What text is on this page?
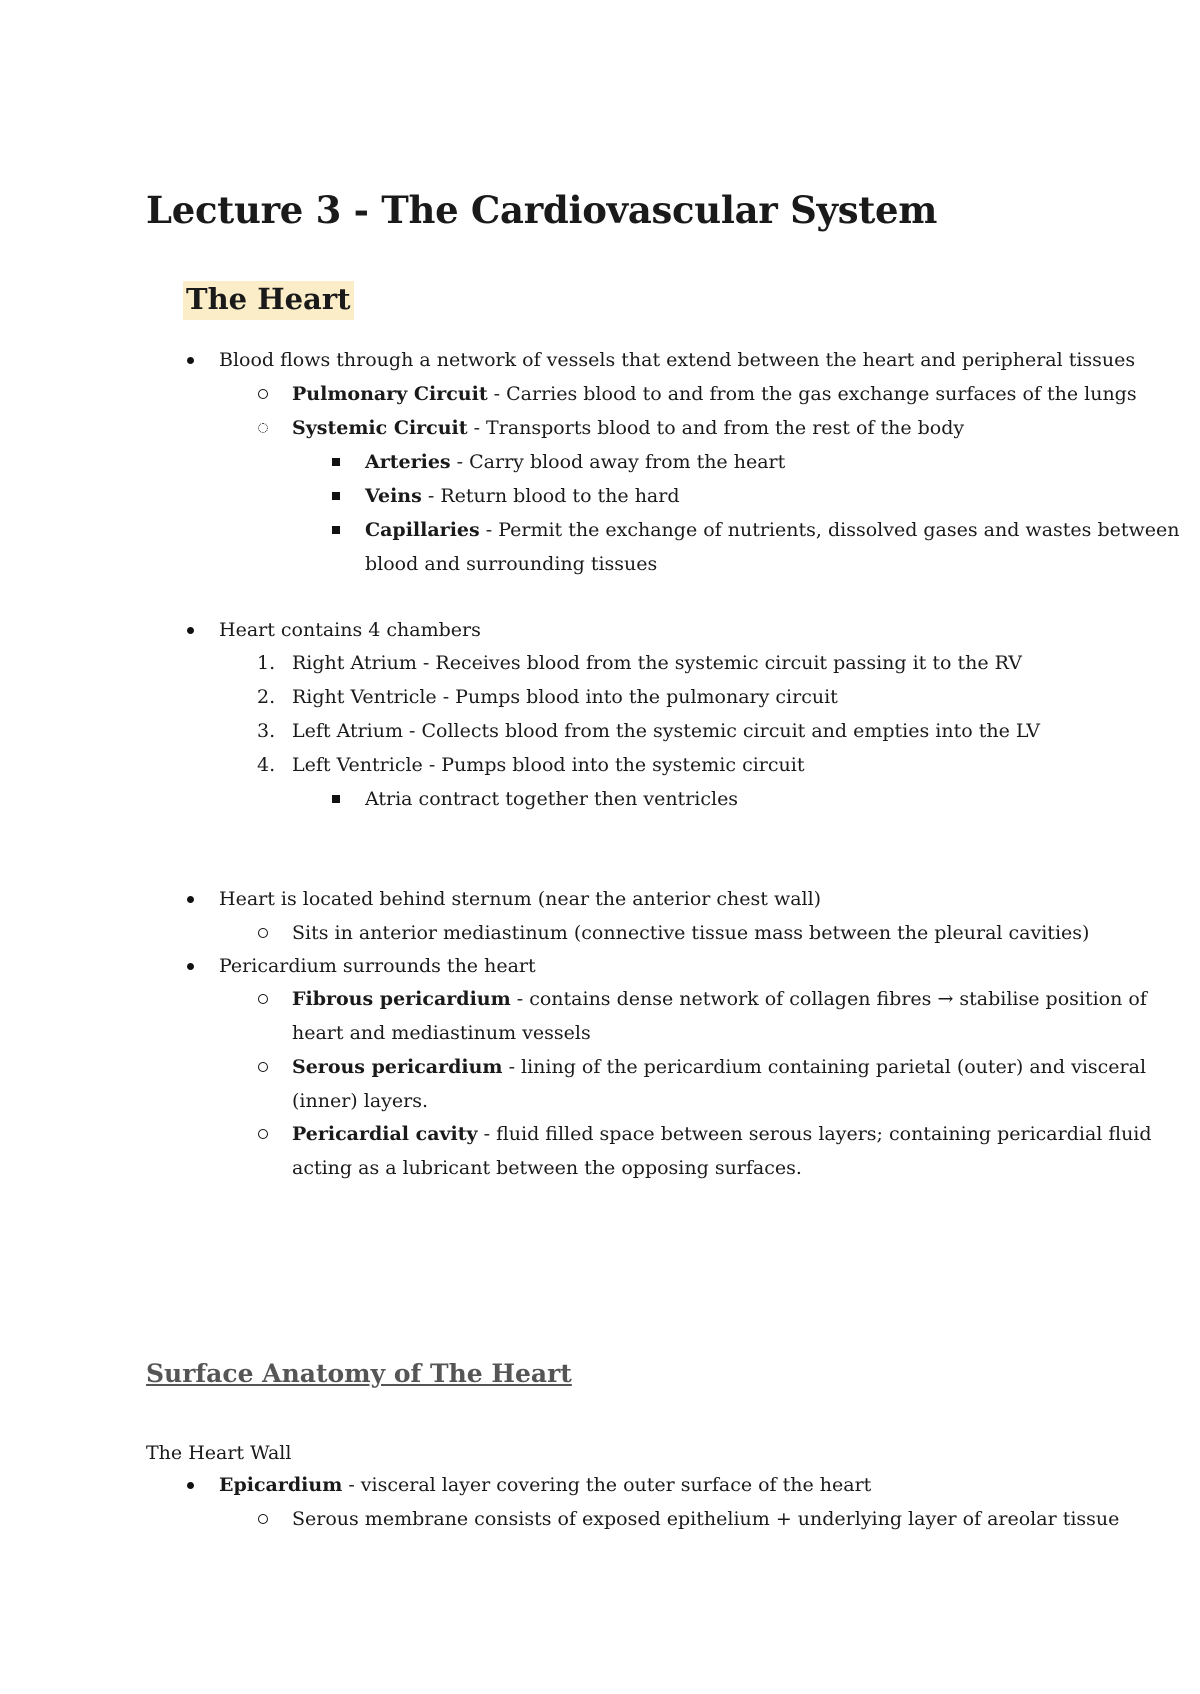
Lecture 3 - The Cardiovascular System
The Heart
Blood flows through a network of vessels that extend between the heart and peripheral tissues
Pulmonary Circuit - Carries blood to and from the gas exchange surfaces of the lungs
Systemic Circuit - Transports blood to and from the rest of the body
Arteries - Carry blood away from the heart
Veins - Return blood to the hard
Capillaries - Permit the exchange of nutrients, dissolved gases and wastes between
blood and surrounding tissues
Heart contains 4 chambers
1. Right Atrium - Receives blood from the systemic circuit passing it to the RV
2. Right Ventricle - Pumps blood into the pulmonary circuit
3. Left Atrium - Collects blood from the systemic circuit and empties into the LV
4. Left Ventricle - Pumps blood into the systemic circuit
Atria contract together then ventricles
Heart is located behind sternum (near the anterior chest wall)
Sits in anterior mediastinum (connective tissue mass between the pleural cavities)
Pericardium surrounds the heart
Fibrous pericardium - contains dense network of collagen fibres → stabilise position of
heart and mediastinum vessels
Serous pericardium - lining of the pericardium containing parietal (outer) and visceral
(inner) layers.
Pericardial cavity - fluid filled space between serous layers; containing pericardial fluid
acting as a lubricant between the opposing surfaces.
Surface Anatomy of The Heart
The Heart Wall
Epicardium - visceral layer covering the outer surface of the heart
Serous membrane consists of exposed epithelium + underlying layer of areolar tissue
